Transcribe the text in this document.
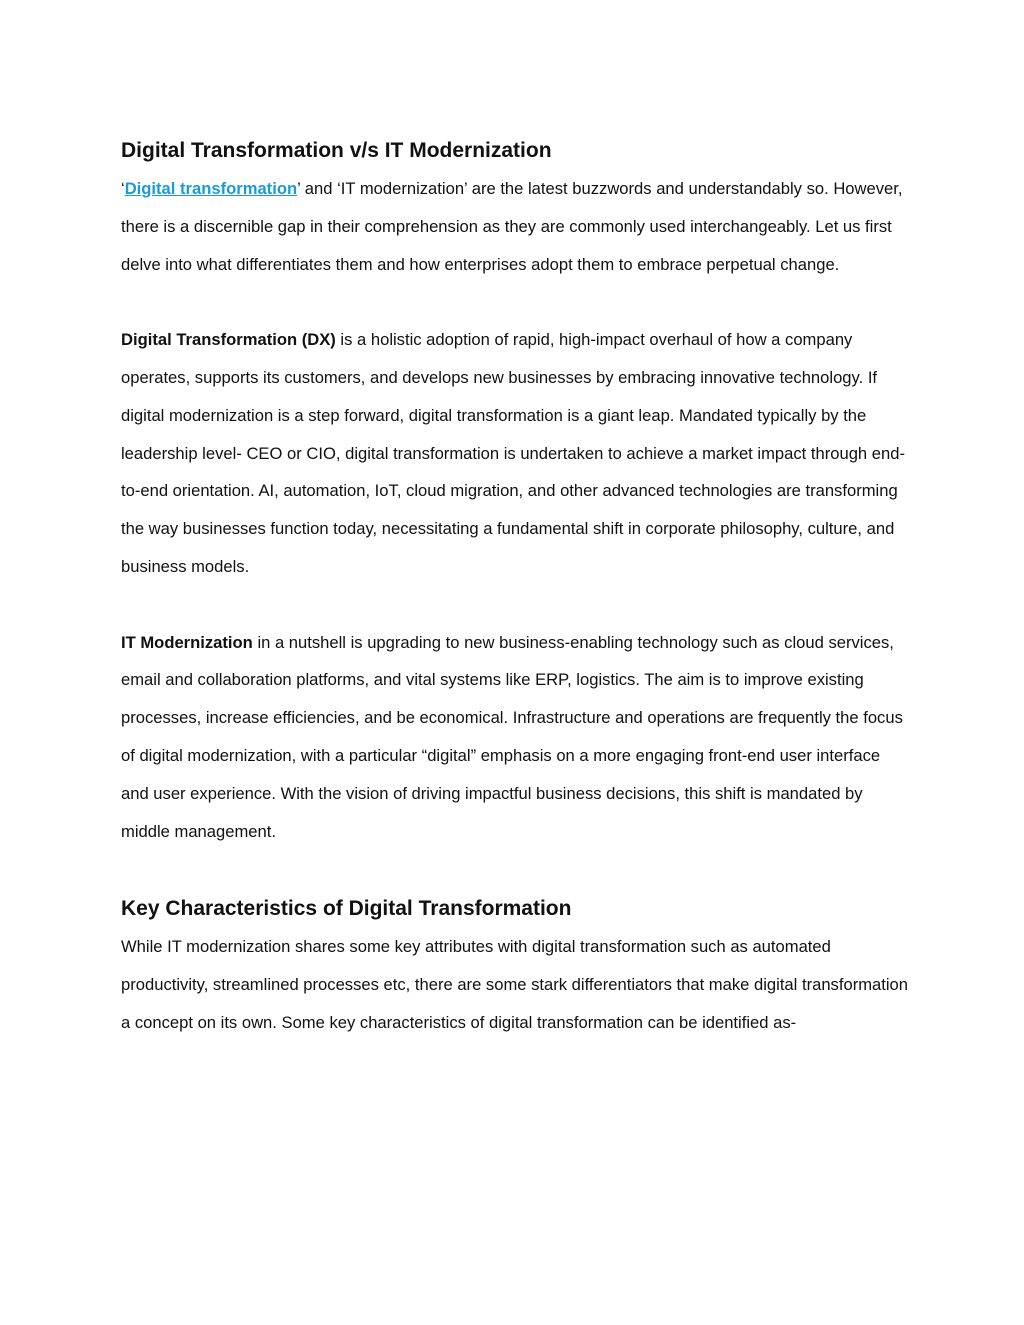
Digital Transformation v/s IT Modernization

‘Digital transformation’ and ‘IT modernization’ are the latest buzzwords and understandably so. However, there is a discernible gap in their comprehension as they are commonly used interchangeably. Let us first delve into what differentiates them and how enterprises adopt them to embrace perpetual change.

Digital Transformation (DX) is a holistic adoption of rapid, high-impact overhaul of how a company operates, supports its customers, and develops new businesses by embracing innovative technology. If digital modernization is a step forward, digital transformation is a giant leap. Mandated typically by the leadership level- CEO or CIO, digital transformation is undertaken to achieve a market impact through end-to-end orientation. AI, automation, IoT, cloud migration, and other advanced technologies are transforming the way businesses function today, necessitating a fundamental shift in corporate philosophy, culture, and business models.

IT Modernization in a nutshell is upgrading to new business-enabling technology such as cloud services, email and collaboration platforms, and vital systems like ERP, logistics. The aim is to improve existing processes, increase efficiencies, and be economical. Infrastructure and operations are frequently the focus of digital modernization, with a particular “digital” emphasis on a more engaging front-end user interface and user experience. With the vision of driving impactful business decisions, this shift is mandated by middle management.

Key Characteristics of Digital Transformation

While IT modernization shares some key attributes with digital transformation such as automated productivity, streamlined processes etc, there are some stark differentiators that make digital transformation a concept on its own. Some key characteristics of digital transformation can be identified as-
